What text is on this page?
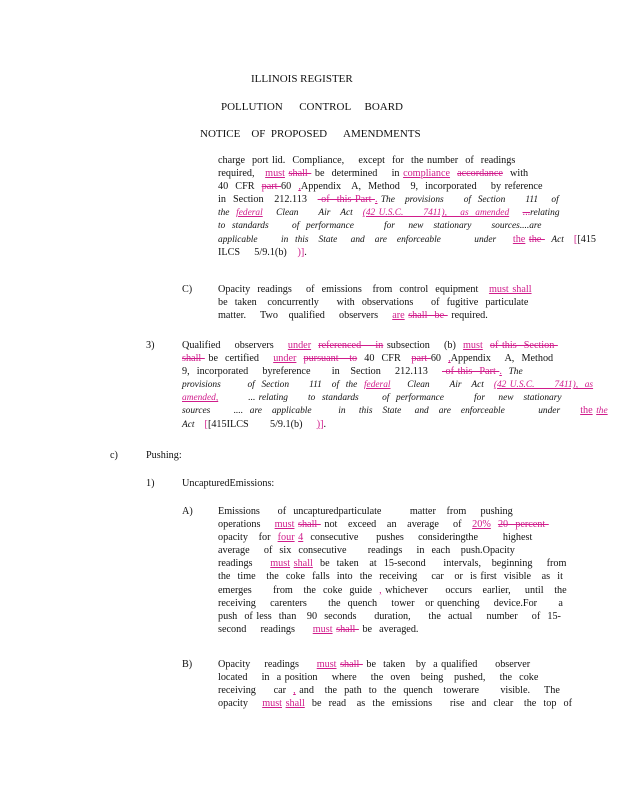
ILLINOIS REGISTER
POLLUTION      CONTROL     BOARD
NOTICE    OF  PROPOSED      AMENDMENTS
charge  port lid.  Compliance,    except  for  the number  of  readings
required,   must shall  be  determined    in compliance accordance  with
40  CFR  part 60  ,Appendix   A,  Method   9,  incorporated    by reference
in  Section   212.113    of  this Part . The   provisions      of  Section      111    of
the  federal    Clean      Air   Act   (42 U.S.C.      7411),    as  amended ...relating
to  standards       of  performance         for    new   stationary      sources....are
applicable       in  this   State    and   are   enforceable          under     the the   Act   [[415
ILCS    5/9.1(b)   )].
C)	Opacity  readings    of  emissions   from  control  equipment   must shall
be  taken   concurrently     with  observations     of  fugitive  particulate
matter.    Two   qualified    observers    are shall  be  required.
3)	Qualified    observers    under referenced    in subsection    (b)  must of this  Section
shall  be  certified    under pursuant   to  40  CFR   part 60  ,Appendix    A,  Method
9,  incorporated    byreference      in   Section    212.113     of this  Part .  The
provisions        of  Section      111   of  the  federal     Clean      Air   Act   (42 U.S.C.      7411),  as
amended,         ... relating      to  standards       of  performance         for    new   stationary
sources       ....  are   applicable        in    this   State    and   are   enforceable          under      the the
Act   [[415ILCS      5/9.1(b)    )].
c)	Pushing:
1)	UncapturedEmissions:
A) Emissions     of  uncapturedparticulate        matter   from    pushing
operations    must shall  not   exceed   an   average    of   20% 20  percent
opacity   for  four 4  consecutive     pushes    consideringthe       highest
average    of  six  consecutive      readings    in  each   push.Opacity
readings     must shall  be  taken   at  15-second     intervals,   beginning    from
the  time   the  coke  falls  into  the  receiving    car   or  is first  visible   as  it
emerges      from   the  coke  guide  , whichever     occurs   earlier,    until   the
receiving    carenters      the  quench    tower   or quenching    device.For      a
push  of less  than   90  seconds     duration,     the  actual    number    of  15-
second    readings     must shall  be  averaged.
B)	Opacity    readings     must shall  be  taken   by  a qualified     observer
located    in  a position    where    the  oven   being   pushed,    the  coke
receiving     car  , and   the  path  to  the  quench   towerare      visible.    The
opacity    must shall  be  read   as  the  emissions     rise  and  clear   the  top  of
